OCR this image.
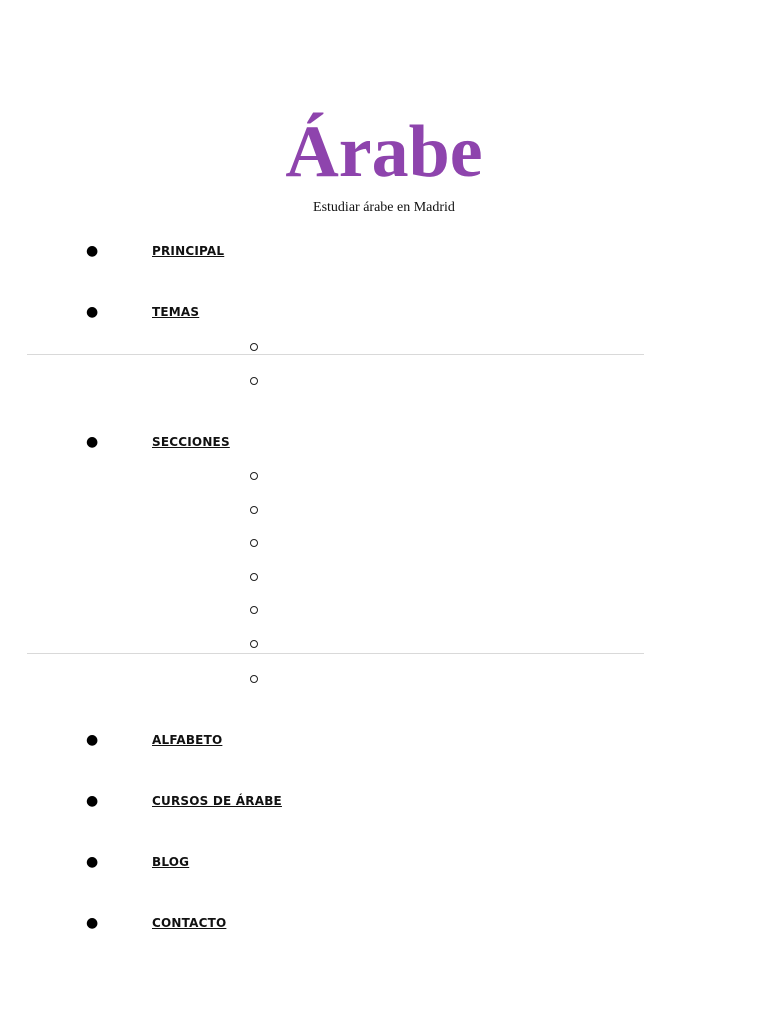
Árabe

Estudiar árabe en Madrid

●	PRINCIPAL
●	TEMAS
●	SECCIONES
●	ALFABETO
●	CURSOS DE ÁRABE
●	BLOG
●	CONTACTO
